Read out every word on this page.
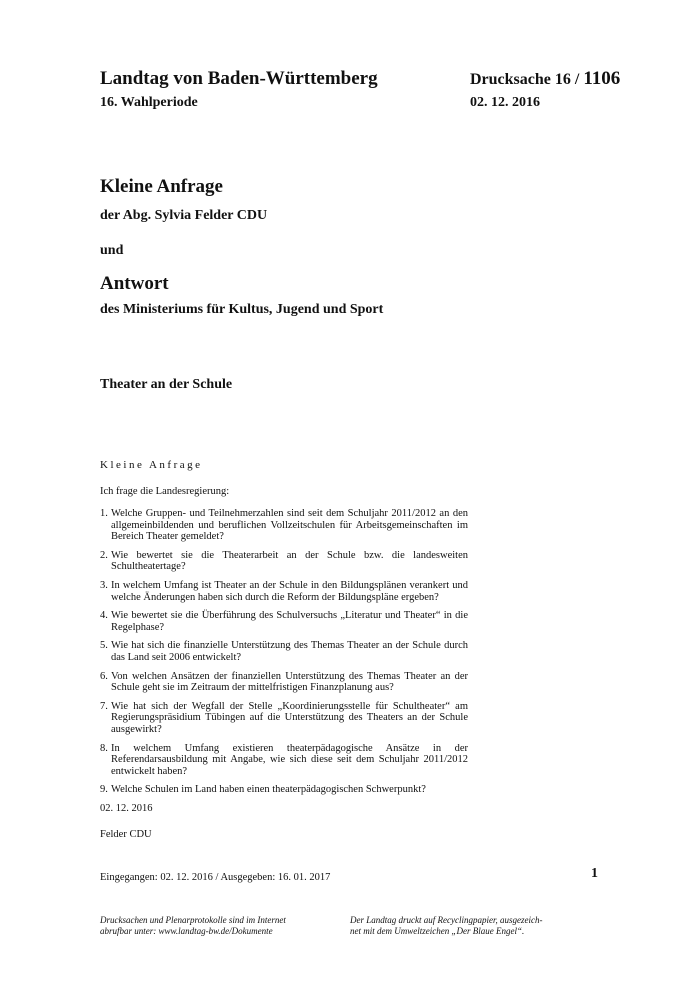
Landtag von Baden-Württemberg
16. Wahlperiode
Drucksache 16 / 1106
02. 12. 2016
Kleine Anfrage
der Abg. Sylvia Felder CDU
und
Antwort
des Ministeriums für Kultus, Jugend und Sport
Theater an der Schule
Kleine Anfrage
Ich frage die Landesregierung:
1. Welche Gruppen- und Teilnehmerzahlen sind seit dem Schuljahr 2011/2012 an den allgemeinbildenden und beruflichen Vollzeitschulen für Arbeitsgemeinschaften im Bereich Theater gemeldet?
2. Wie bewertet sie die Theaterarbeit an der Schule bzw. die landesweiten Schultheatertage?
3. In welchem Umfang ist Theater an der Schule in den Bildungsplänen verankert und welche Änderungen haben sich durch die Reform der Bildungspläne ergeben?
4. Wie bewertet sie die Überführung des Schulversuchs „Literatur und Theater“ in die Regelphase?
5. Wie hat sich die finanzielle Unterstützung des Themas Theater an der Schule durch das Land seit 2006 entwickelt?
6. Von welchen Ansätzen der finanziellen Unterstützung des Themas Theater an der Schule geht sie im Zeitraum der mittelfristigen Finanzplanung aus?
7. Wie hat sich der Wegfall der Stelle „Koordinierungsstelle für Schultheater“ am Regierungspräsidium Tübingen auf die Unterstützung des Theaters an der Schule ausgewirkt?
8. In welchem Umfang existieren theaterpädagogische Ansätze in der Referendarsausbildung mit Angabe, wie sich diese seit dem Schuljahr 2011/2012 entwickelt haben?
9. Welche Schulen im Land haben einen theaterpädagogischen Schwerpunkt?
02. 12. 2016
Felder CDU
Eingegangen: 02. 12. 2016 / Ausgegeben: 16. 01. 2017	1
Drucksachen und Plenarprotokolle sind im Internet
abrufbar unter: www.landtag-bw.de/Dokumente
Der Landtag druckt auf Recyclingpapier, ausgezeich-
net mit dem Umweltzeichen „Der Blaue Engel“.
